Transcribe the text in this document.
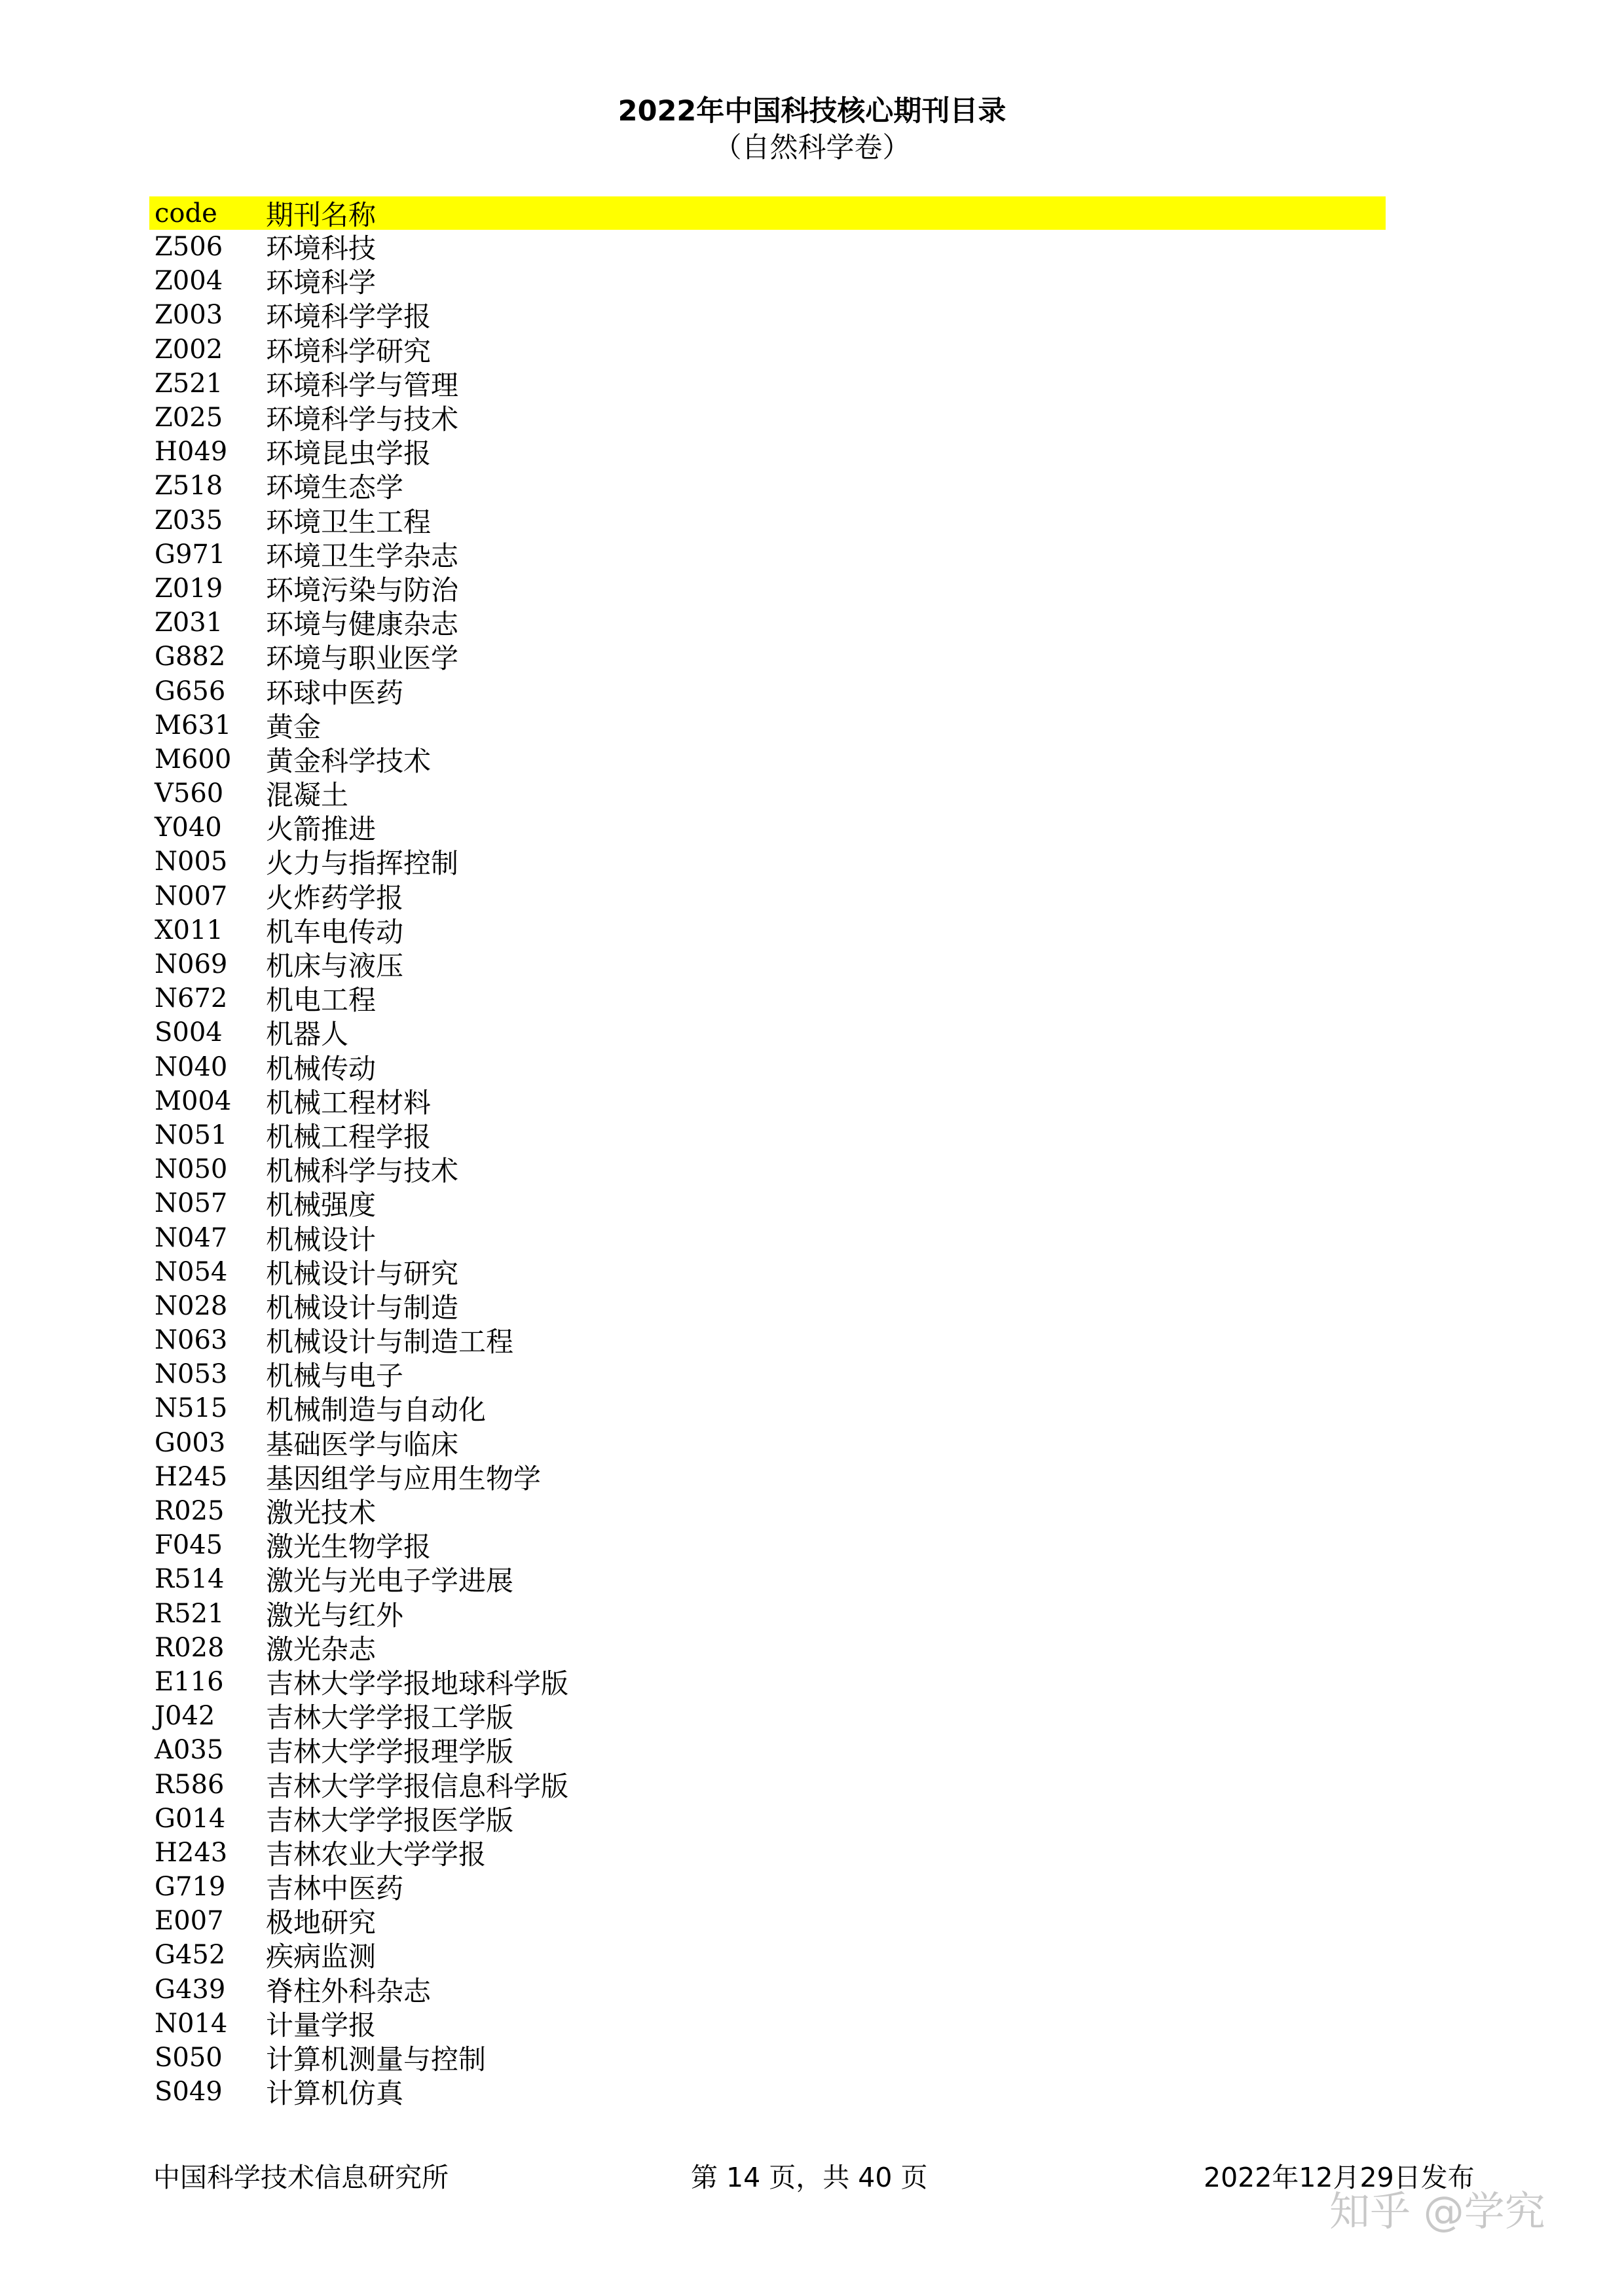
2022年中国科技核心期刊目录
（自然科学卷）
code	期刊名称
Z506	环境科技
Z004	环境科学
Z003	环境科学学报
Z002	环境科学研究
Z521	环境科学与管理
Z025	环境科学与技术
H049	环境昆虫学报
Z518	环境生态学
Z035	环境卫生工程
G971	环境卫生学杂志
Z019	环境污染与防治
Z031	环境与健康杂志
G882	环境与职业医学
G656	环球中医药
M631	黄金
M600	黄金科学技术
V560	混凝土
Y040	火箭推进
N005	火力与指挥控制
N007	火炸药学报
X011	机车电传动
N069	机床与液压
N672	机电工程
S004	机器人
N040	机械传动
M004	机械工程材料
N051	机械工程学报
N050	机械科学与技术
N057	机械强度
N047	机械设计
N054	机械设计与研究
N028	机械设计与制造
N063	机械设计与制造工程
N053	机械与电子
N515	机械制造与自动化
G003	基础医学与临床
H245	基因组学与应用生物学
R025	激光技术
F045	激光生物学报
R514	激光与光电子学进展
R521	激光与红外
R028	激光杂志
E116	吉林大学学报地球科学版
J042	吉林大学学报工学版
A035	吉林大学学报理学版
R586	吉林大学学报信息科学版
G014	吉林大学学报医学版
H243	吉林农业大学学报
G719	吉林中医药
E007	极地研究
G452	疾病监测
G439	脊柱外科杂志
N014	计量学报
S050	计算机测量与控制
S049	计算机仿真
中国科学技术信息研究所	第 14 页，共 40 页	2022年12月29日发布
知乎 @学究
